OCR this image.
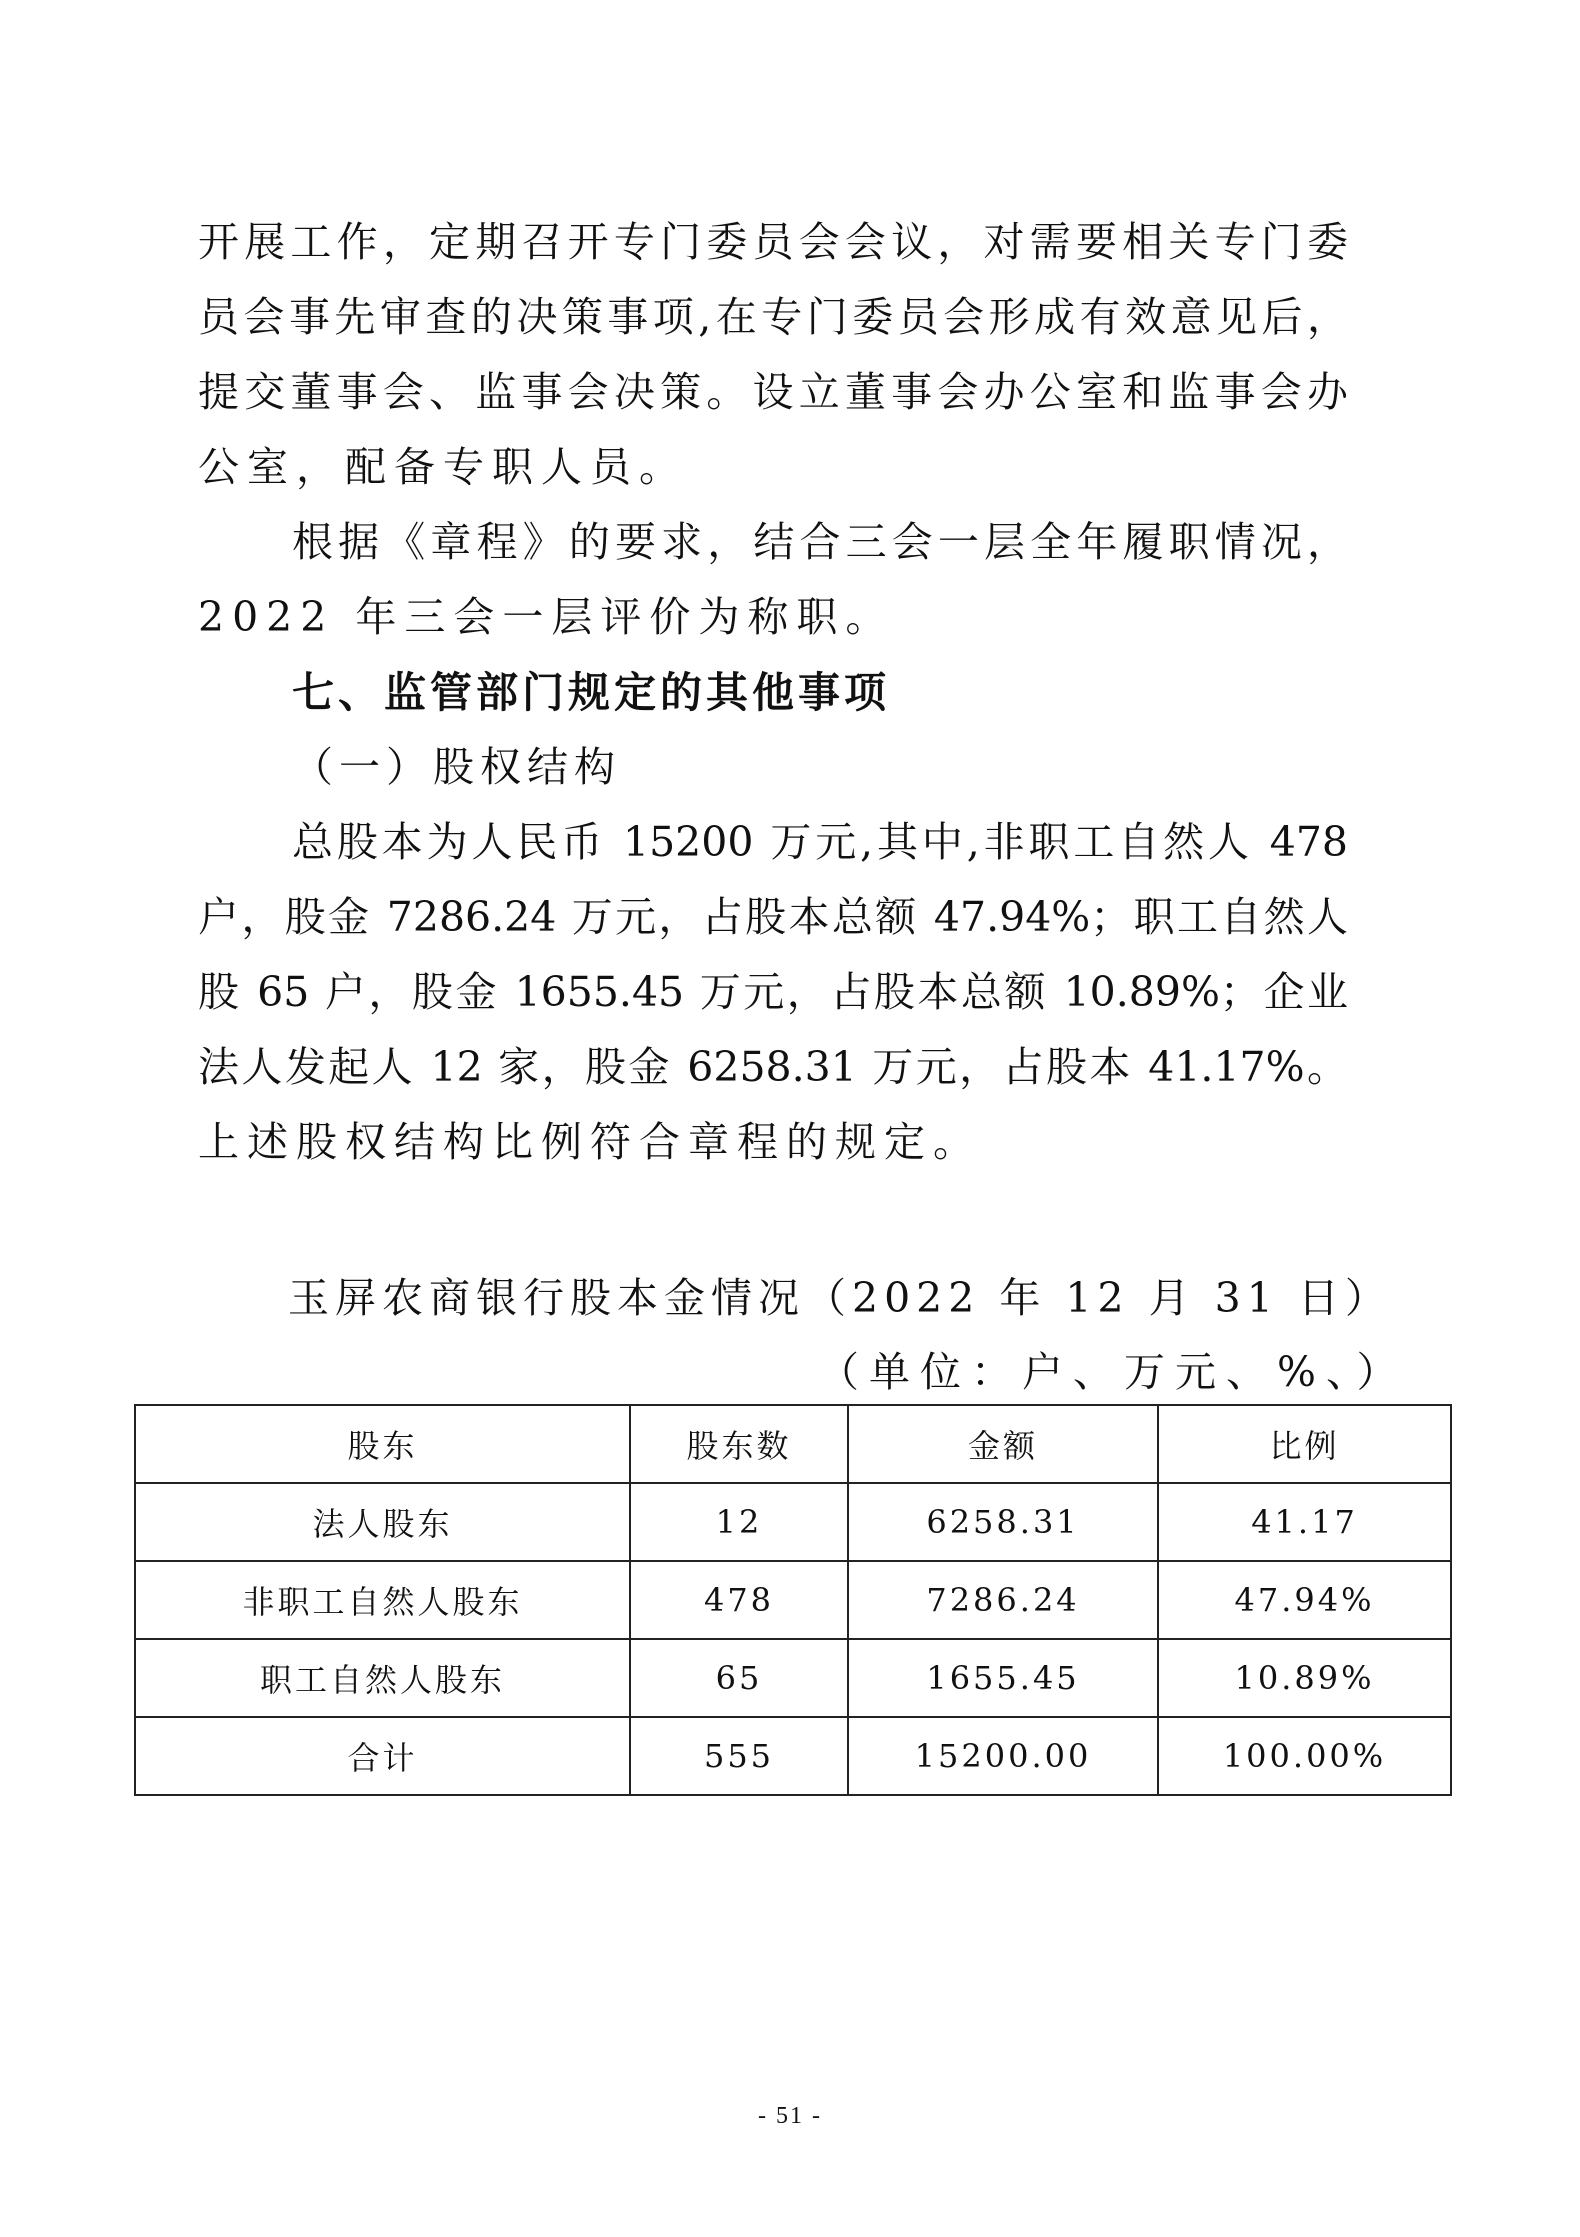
开展工作，定期召开专门委员会会议，对需要相关专门委
员会事先审查的决策事项,在专门委员会形成有效意见后，
提交董事会、监事会决策。设立董事会办公室和监事会办
公室，配备专职人员。
根据《章程》的要求，结合三会一层全年履职情况，
2022 年三会一层评价为称职。
七、监管部门规定的其他事项
（一）股权结构
总股本为人民币 15200 万元,其中,非职工自然人 478
户，股金 7286.24 万元，占股本总额 47.94%；职工自然人
股 65 户，股金 1655.45 万元，占股本总额 10.89%；企业
法人发起人 12 家，股金 6258.31 万元，占股本 41.17%。
上述股权结构比例符合章程的规定。
玉屏农商银行股本金情况（2022 年 12 月 31 日）
（单位：户、万元、%、）
股东	股东数	金额	比例
法人股东	12	6258.31	41.17
非职工自然人股东	478	7286.24	47.94%
职工自然人股东	65	1655.45	10.89%
合计	555	15200.00	100.00%
- 51 -
